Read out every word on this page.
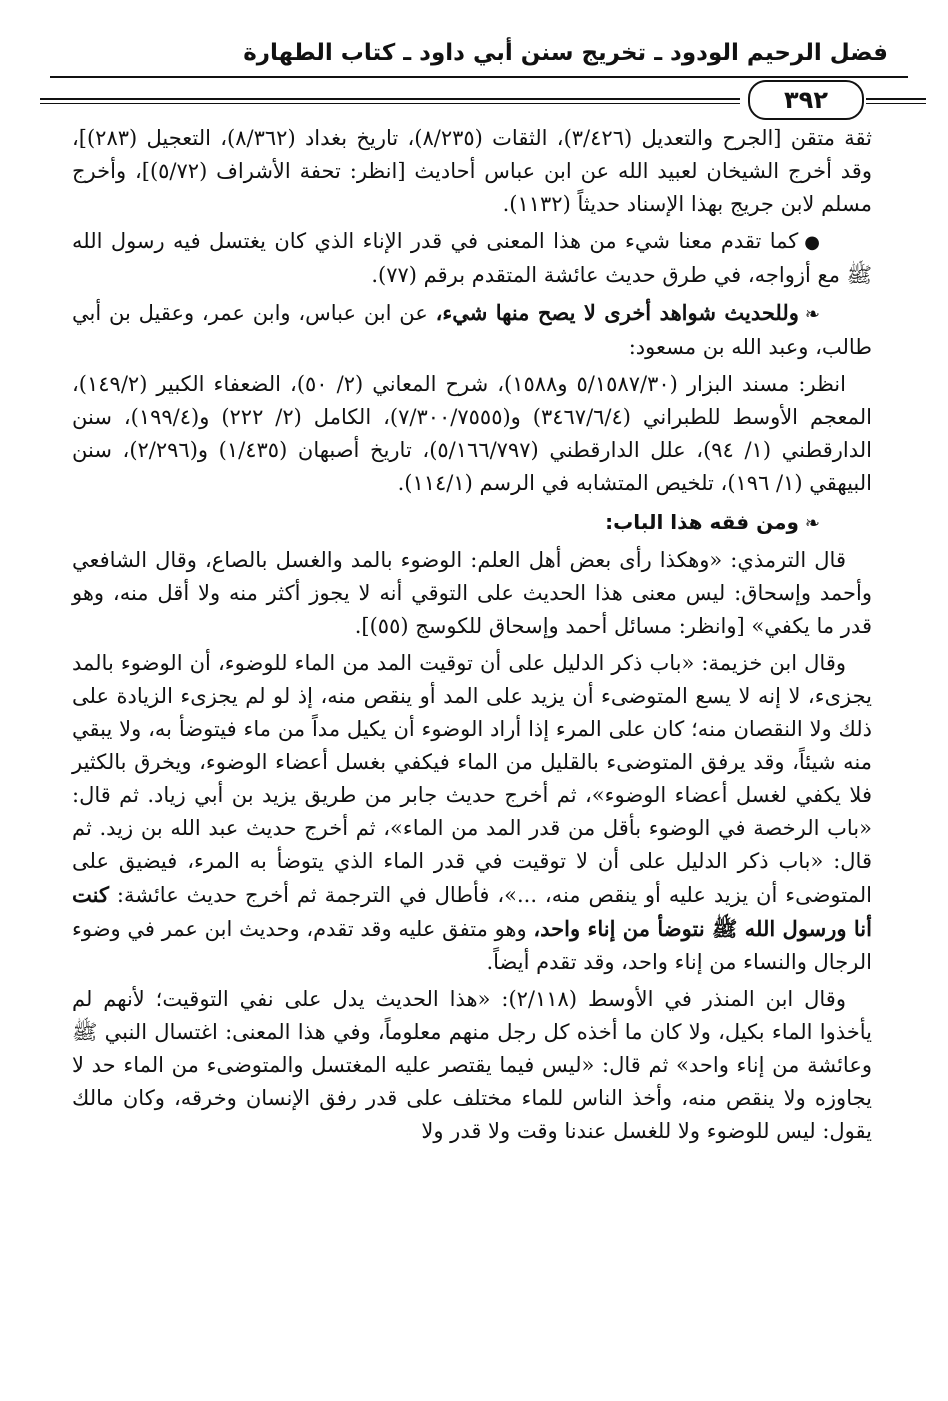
فضل الرحيم الودود ـ تخريج سنن أبي داود ـ كتاب الطهارة
٣٩٢

ثقة متقن [الجرح والتعديل (٣/٤٢٦)، الثقات (٨/٢٣٥)، تاريخ بغداد (٨/٣٦٢)، التعجيل (٢٨٣)]، وقد أخرج الشيخان لعبيد الله عن ابن عباس أحاديث [انظر: تحفة الأشراف (٥/٧٢)]، وأخرج مسلم لابن جريج بهذا الإسناد حديثاً (١١٣٢).

●كما تقدم معنا شيء من هذا المعنى في قدر الإناء الذي كان يغتسل فيه رسول الله ﷺ مع أزواجه، في طرق حديث عائشة المتقدم برقم (٧٧).

❧وللحديث شواهد أخرى لا يصح منها شيء، عن ابن عباس، وابن عمر، وعقيل بن أبي طالب، وعبد الله بن مسعود:

انظر: مسند البزار (٥/١٥٨٧/٣٠ و١٥٨٨)، شرح المعاني (٢/ ٥٠)، الضعفاء الكبير (١٤٩/٢)، المعجم الأوسط للطبراني (٣٤٦٧/٦/٤) و(٧/٣٠٠/٧٥٥٥)، الكامل (٢/ ٢٢٢) و(١٩٩/٤)، سنن الدارقطني (١/ ٩٤)، علل الدارقطني (٥/١٦٦/٧٩٧)، تاريخ أصبهان (١/٤٣٥) و(٢/٢٩٦)، سنن البيهقي (١/ ١٩٦)، تلخيص المتشابه في الرسم (١١٤/١).

❧ومن فقه هذا الباب:

قال الترمذي: «وهكذا رأى بعض أهل العلم: الوضوء بالمد والغسل بالصاع، وقال الشافعي وأحمد وإسحاق: ليس معنى هذا الحديث على التوقي أنه لا يجوز أكثر منه ولا أقل منه، وهو قدر ما يكفي» [وانظر: مسائل أحمد وإسحاق للكوسج (٥٥)].

وقال ابن خزيمة: «باب ذكر الدليل على أن توقيت المد من الماء للوضوء، أن الوضوء بالمد يجزىء، لا إنه لا يسع المتوضىء أن يزيد على المد أو ينقص منه، إذ لو لم يجزىء الزيادة على ذلك ولا النقصان منه؛ كان على المرء إذا أراد الوضوء أن يكيل مداً من ماء فيتوضأ به، ولا يبقي منه شيئاً، وقد يرفق المتوضىء بالقليل من الماء فيكفي بغسل أعضاء الوضوء، ويخرق بالكثير فلا يكفي لغسل أعضاء الوضوء»، ثم أخرج حديث جابر من طريق يزيد بن أبي زياد. ثم قال: «باب الرخصة في الوضوء بأقل من قدر المد من الماء»، ثم أخرج حديث عبد الله بن زيد. ثم قال: «باب ذكر الدليل على أن لا توقيت في قدر الماء الذي يتوضأ به المرء، فيضيق على المتوضىء أن يزيد عليه أو ينقص منه، ...»، فأطال في الترجمة ثم أخرج حديث عائشة: كنت أنا ورسول الله ﷺ نتوضأ من إناء واحد، وهو متفق عليه وقد تقدم، وحديث ابن عمر في وضوء الرجال والنساء من إناء واحد، وقد تقدم أيضاً.

وقال ابن المنذر في الأوسط (٢/١١٨): «هذا الحديث يدل على نفي التوقيت؛ لأنهم لم يأخذوا الماء بكيل، ولا كان ما أخذه كل رجل منهم معلوماً، وفي هذا المعنى: اغتسال النبي ﷺ وعائشة من إناء واحد» ثم قال: «ليس فيما يقتصر عليه المغتسل والمتوضىء من الماء حد لا يجاوزه ولا ينقص منه، وأخذ الناس للماء مختلف على قدر رفق الإنسان وخرقه، وكان مالك يقول: ليس للوضوء ولا للغسل عندنا وقت ولا قدر ولا
